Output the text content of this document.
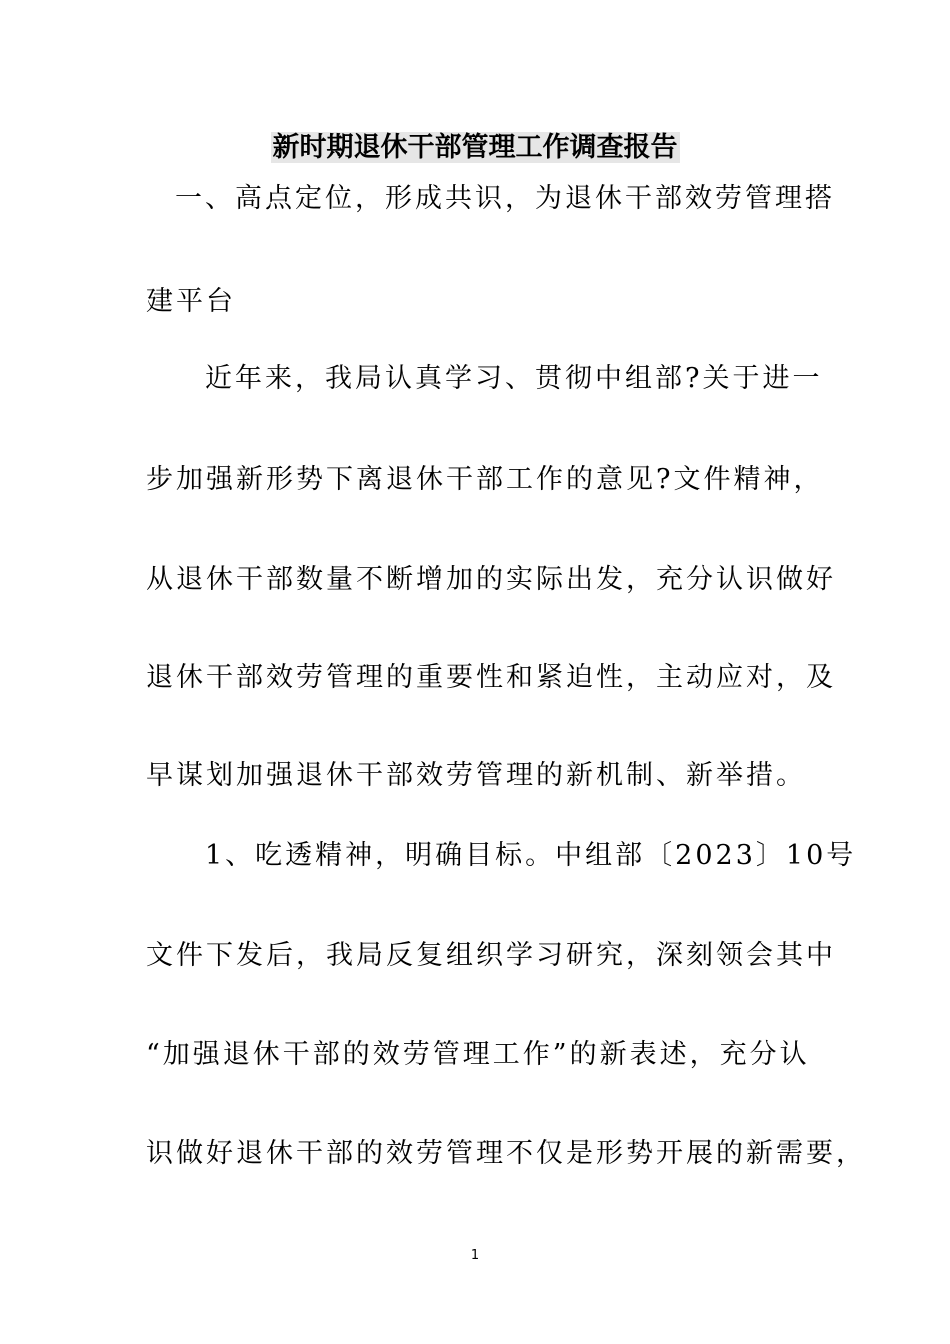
新时期退休干部管理工作调查报告
一、高点定位，形成共识，为退休干部效劳管理搭
建平台
近年来，我局认真学习、贯彻中组部?关于进一
步加强新形势下离退休干部工作的意见?文件精神，
从退休干部数量不断增加的实际出发，充分认识做好
退休干部效劳管理的重要性和紧迫性，主动应对，及
早谋划加强退休干部效劳管理的新机制、新举措。
1、吃透精神，明确目标。中组部〔2023〕10号
文件下发后，我局反复组织学习研究，深刻领会其中
“加强退休干部的效劳管理工作”的新表述，充分认
识做好退休干部的效劳管理不仅是形势开展的新需要，
1
